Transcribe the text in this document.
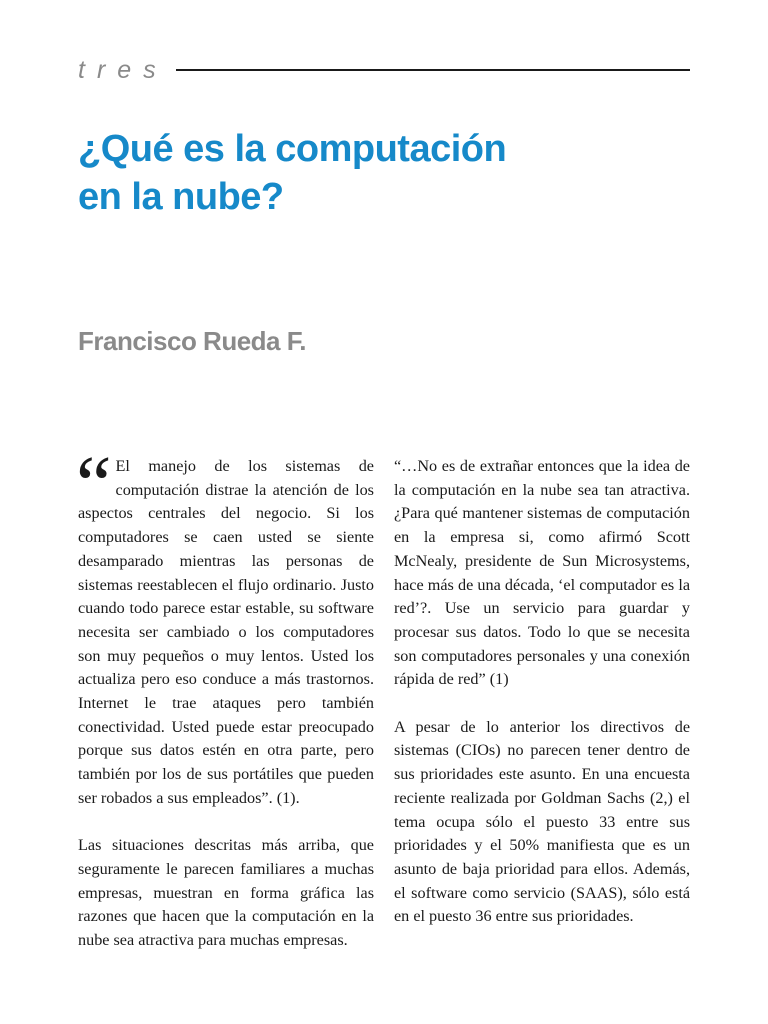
tres
¿Qué es la computación
en la nube?
Francisco Rueda F.

“ El manejo de los sistemas de computación distrae la atención de los aspectos centrales del negocio. Si los computadores se caen usted se siente desamparado mientras las personas de sistemas reestablecen el flujo ordinario. Justo cuando todo parece estar estable, su software necesita ser cambiado o los computadores son muy pequeños o muy lentos. Usted los actualiza pero eso conduce a más trastornos. Internet le trae ataques pero también conectividad. Usted puede estar preocupado porque sus datos estén en otra parte, pero también por los de sus portátiles que pueden ser robados a sus empleados”. (1).

Las situaciones descritas más arriba, que seguramente le parecen familiares a muchas empresas, muestran en forma gráfica las razones que hacen que la computación en la nube sea atractiva para muchas empresas.

“…No es de extrañar entonces que la idea de la computación en la nube sea tan atractiva. ¿Para qué mantener sistemas de computación en la empresa si, como afirmó Scott McNealy, presidente de Sun Microsystems, hace más de una década, ‘el computador es la red’?. Use un servicio para guardar y procesar sus datos. Todo lo que se necesita son computadores personales y una conexión rápida de red” (1)

A pesar de lo anterior los directivos de sistemas (CIOs) no parecen tener dentro de sus prioridades este asunto. En una encuesta reciente realizada por Goldman Sachs (2,) el tema ocupa sólo el puesto 33 entre sus prioridades y el 50% manifiesta que es un asunto de baja prioridad para ellos. Además, el software como servicio (SAAS), sólo está en el puesto 36 entre sus prioridades.
